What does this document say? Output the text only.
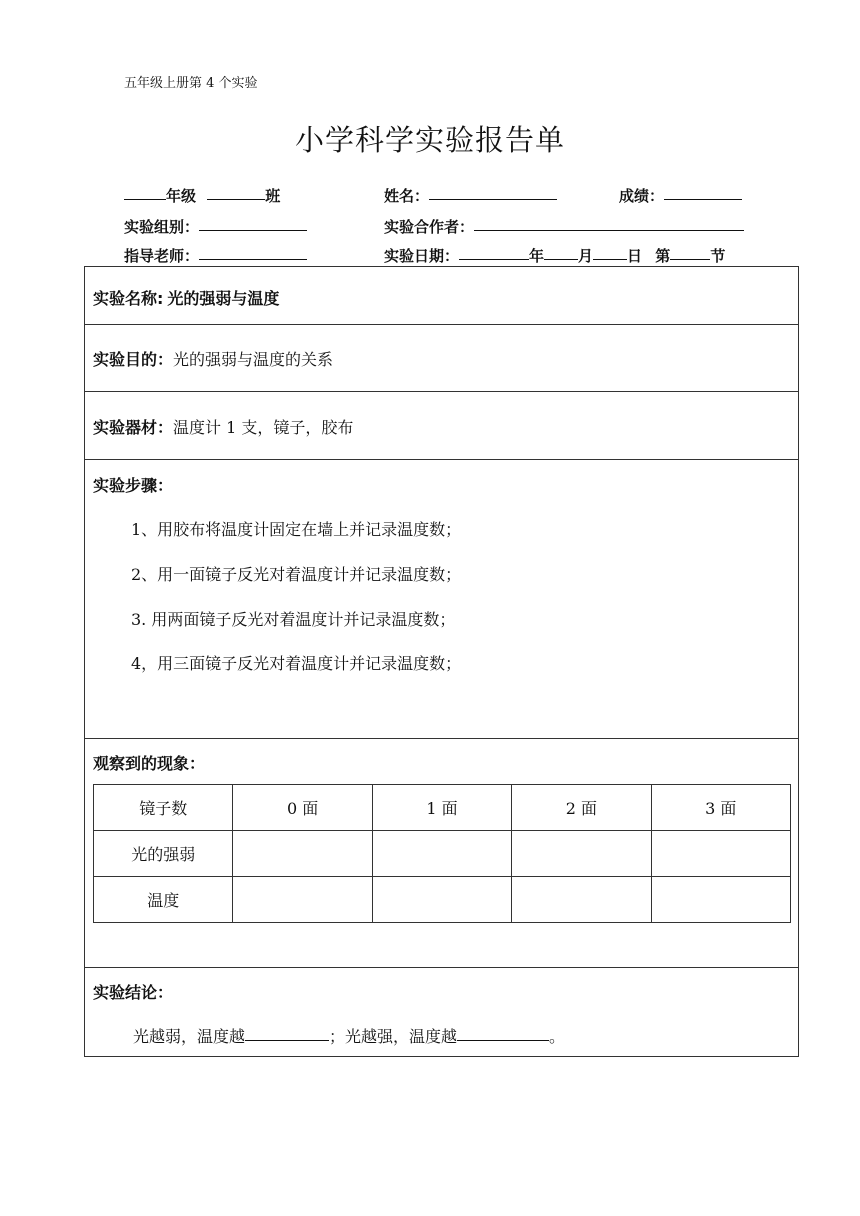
五年级上册第 4 个实验
小学科学实验报告单
年级	班	姓名：	成绩：
实验组别：	实验合作者：
指导老师：	实验日期：	年 月 日 第	节
实验名称: 光的强弱与温度
实验目的：光的强弱与温度的关系
实验器材：温度计 1 支，镜子，胶布
实验步骤：
1、用胶布将温度计固定在墙上并记录温度数；
2、用一面镜子反光对着温度计并记录温度数；
3. 用两面镜子反光对着温度计并记录温度数；
4，用三面镜子反光对着温度计并记录温度数；
观察到的现象：
镜子数	0 面	1 面	2 面	3 面
光的强弱				
温度				
实验结论：
光越弱，温度越	；光越强，温度越	。
